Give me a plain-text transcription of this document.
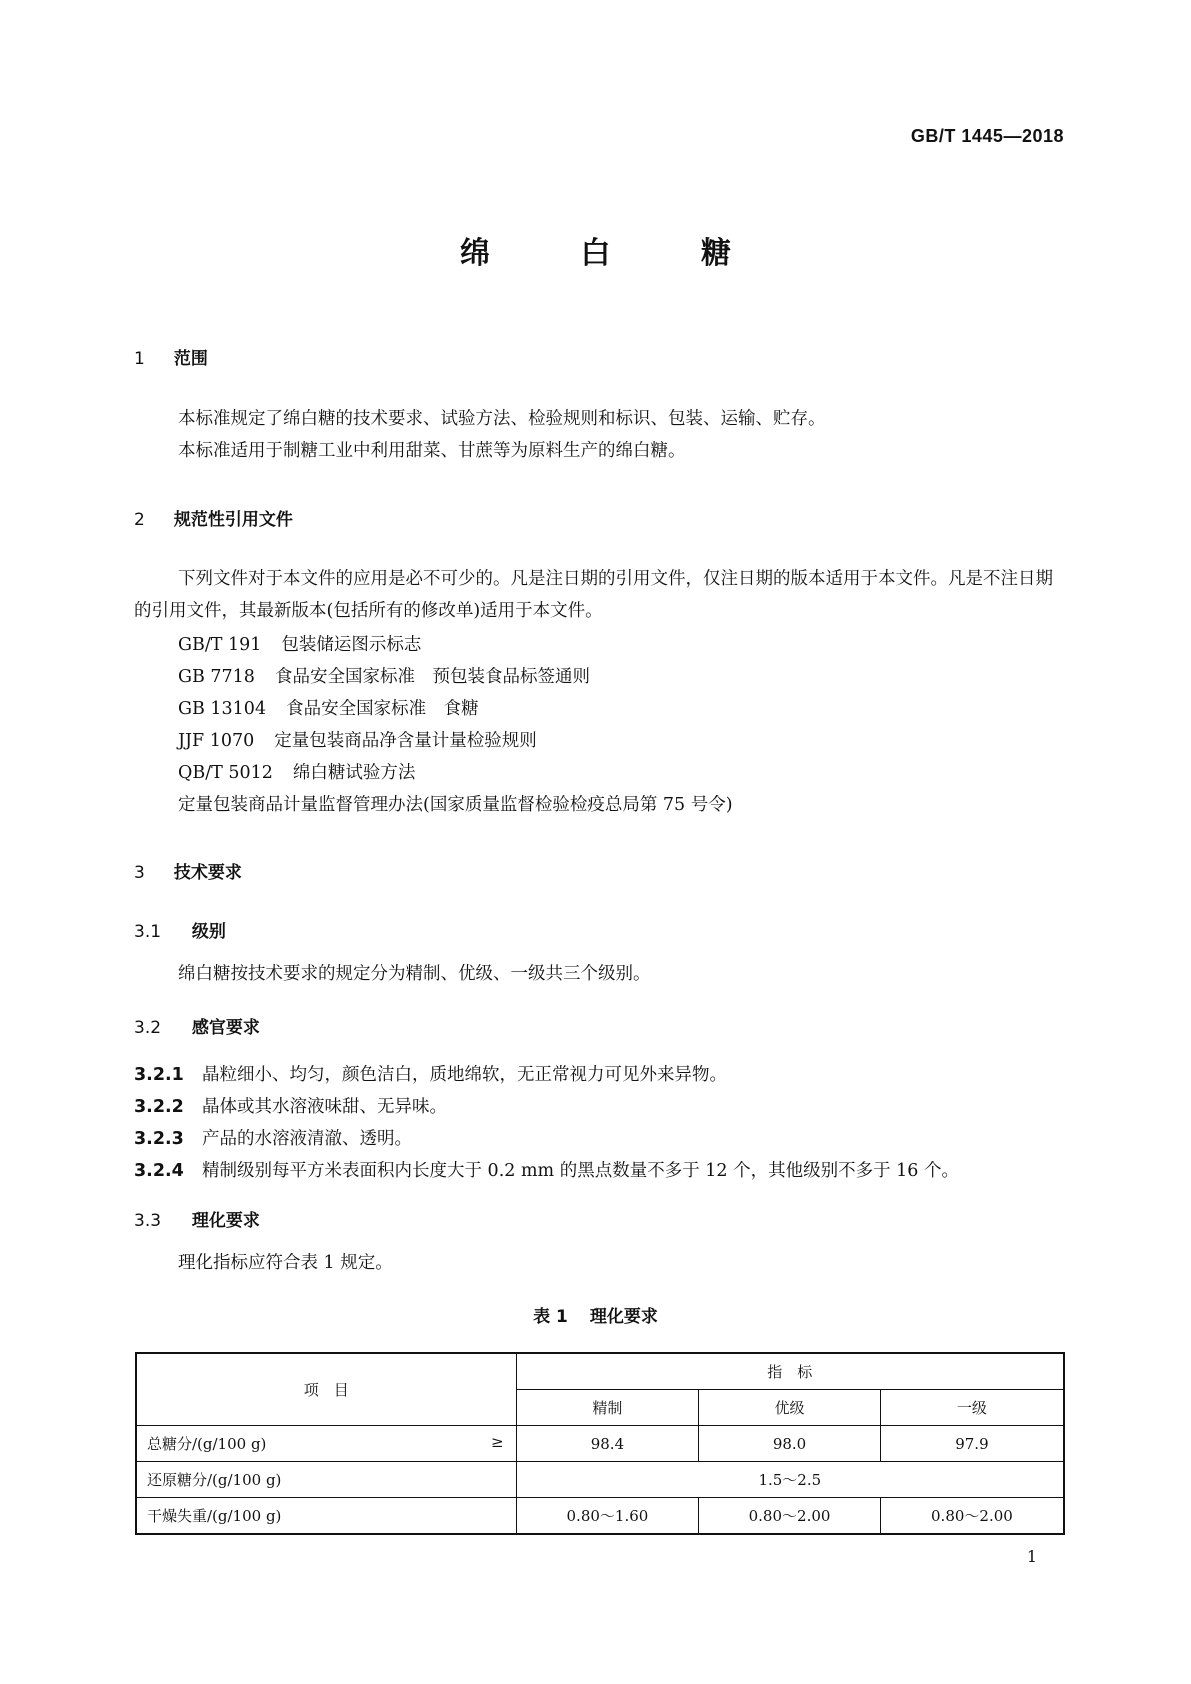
GB/T 1445—2018
绵	白	糖
1 范围
本标准规定了绵白糖的技术要求、试验方法、检验规则和标识、包装、运输、贮存。
本标准适用于制糖工业中利用甜菜、甘蔗等为原料生产的绵白糖。
2 规范性引用文件
下列文件对于本文件的应用是必不可少的。凡是注日期的引用文件，仅注日期的版本适用于本文件。凡是不注日期的引用文件，其最新版本(包括所有的修改单)适用于本文件。
GB/T 191 包装储运图示标志
GB 7718 食品安全国家标准　预包装食品标签通则
GB 13104 食品安全国家标准　食糖
JJF 1070 定量包装商品净含量计量检验规则
QB/T 5012 绵白糖试验方法
定量包装商品计量监督管理办法(国家质量监督检验检疫总局第 75 号令)
3 技术要求
3.1 级别
绵白糖按技术要求的规定分为精制、优级、一级共三个级别。
3.2 感官要求
3.2.1 晶粒细小、均匀，颜色洁白，质地绵软，无正常视力可见外来异物。
3.2.2 晶体或其水溶液味甜、无异味。
3.2.3 产品的水溶液清澈、透明。
3.2.4 精制级别每平方米表面积内长度大于 0.2 mm 的黑点数量不多于 12 个，其他级别不多于 16 个。
3.3 理化要求
理化指标应符合表 1 规定。
表 1 理化要求
项　目	指　标		
	精制	优级	一级
总糖分/(g/100 g) ≥	98.4	98.0	97.9
还原糖分/(g/100 g)	1.5～2.5		
干燥失重/(g/100 g)	0.80～1.60	0.80～2.00	0.80～2.00
1
